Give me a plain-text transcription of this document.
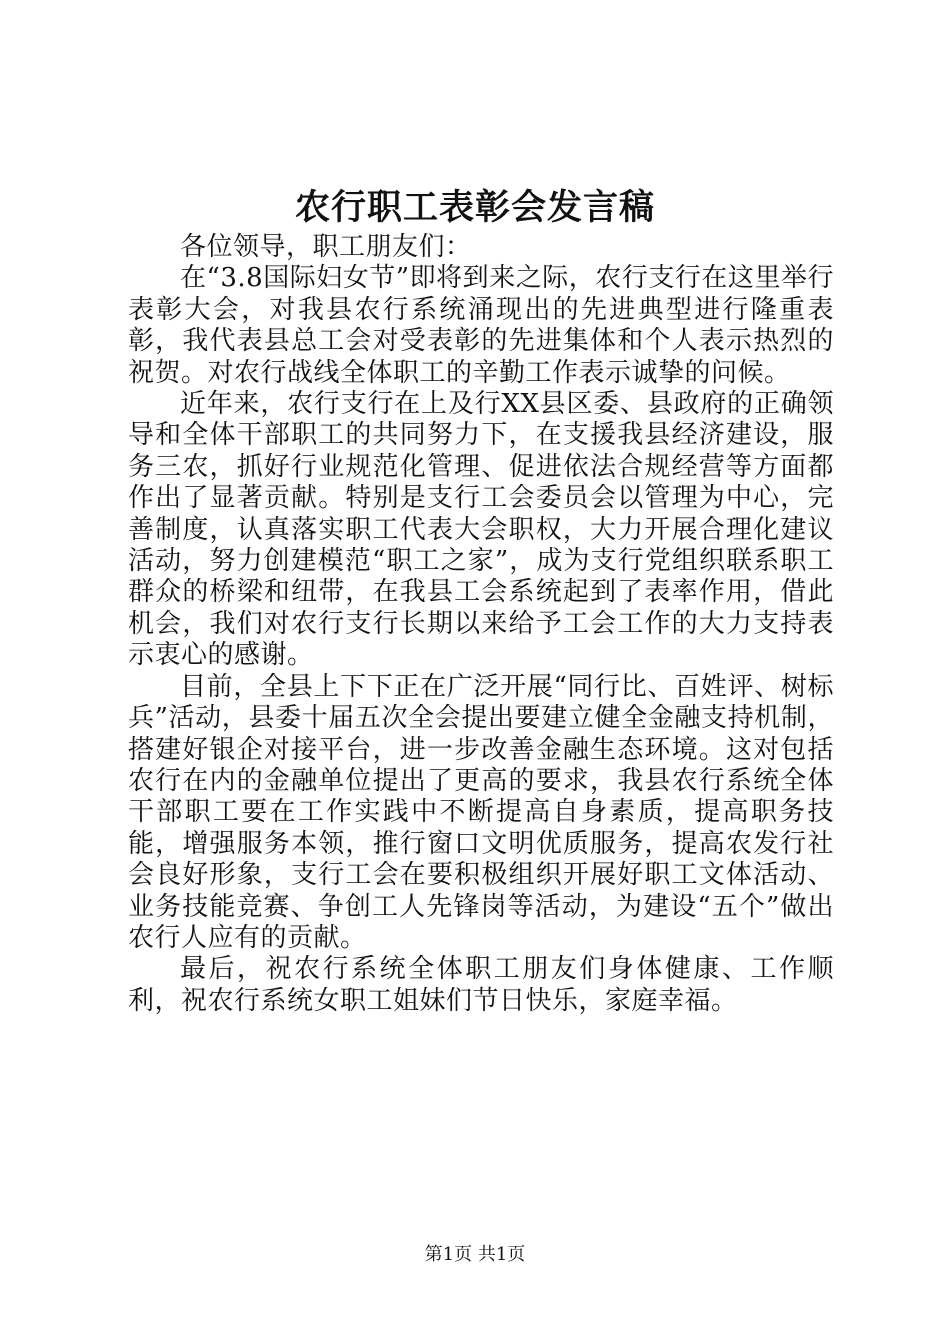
农行职工表彰会发言稿

各位领导，职工朋友们：

在“3.8国际妇女节”即将到来之际，农行支行在这里举行表彰大会，对我县农行系统涌现出的先进典型进行隆重表彰，我代表县总工会对受表彰的先进集体和个人表示热烈的祝贺。对农行战线全体职工的辛勤工作表示诚挚的问候。

近年来，农行支行在上及行XX县区委、县政府的正确领导和全体干部职工的共同努力下，在支援我县经济建设，服务三农，抓好行业规范化管理、促进依法合规经营等方面都作出了显著贡献。特别是支行工会委员会以管理为中心，完善制度，认真落实职工代表大会职权，大力开展合理化建议活动，努力创建模范“职工之家”，成为支行党组织联系职工群众的桥梁和纽带，在我县工会系统起到了表率作用，借此机会，我们对农行支行长期以来给予工会工作的大力支持表示衷心的感谢。

目前，全县上下下正在广泛开展“同行比、百姓评、树标兵”活动，县委十届五次全会提出要建立健全金融支持机制，搭建好银企对接平台，进一步改善金融生态环境。这对包括农行在内的金融单位提出了更高的要求，我县农行系统全体干部职工要在工作实践中不断提高自身素质，提高职务技能，增强服务本领，推行窗口文明优质服务，提高农发行社会良好形象，支行工会在要积极组织开展好职工文体活动、业务技能竞赛、争创工人先锋岗等活动，为建设“五个”做出农行人应有的贡献。

最后，祝农行系统全体职工朋友们身体健康、工作顺利，祝农行系统女职工姐妹们节日快乐，家庭幸福。

第1页 共1页
